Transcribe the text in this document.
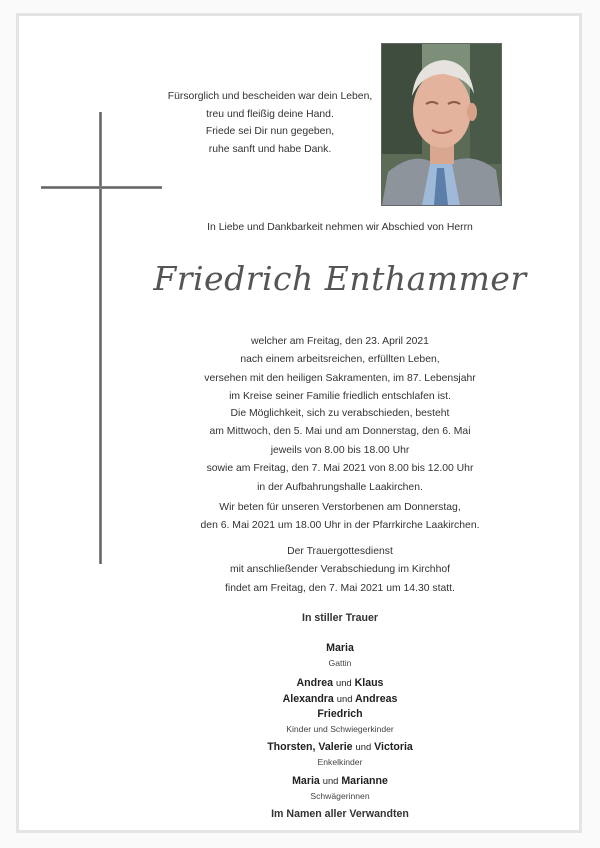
Fürsorglich und bescheiden war dein Leben,
treu und fleißig deine Hand.
Friede sei Dir nun gegeben,
ruhe sanft und habe Dank.
In Liebe und Dankbarkeit nehmen wir Abschied von Herrn
Friedrich Enthammer
welcher am Freitag, den 23. April 2021
nach einem arbeitsreichen, erfüllten Leben,
versehen mit den heiligen Sakramenten, im 87. Lebensjahr
im Kreise seiner Familie friedlich entschlafen ist.
Die Möglichkeit, sich zu verabschieden, besteht
am Mittwoch, den 5. Mai und am Donnerstag, den 6. Mai
jeweils von 8.00 bis 18.00 Uhr
sowie am Freitag, den 7. Mai 2021 von 8.00 bis 12.00 Uhr
in der Aufbahrungshalle Laakirchen.
Wir beten für unseren Verstorbenen am Donnerstag,
den 6. Mai 2021 um 18.00 Uhr in der Pfarrkirche Laakirchen.
Der Trauergottesdienst
mit anschließender Verabschiedung im Kirchhof
findet am Freitag, den 7. Mai 2021 um 14.30 statt.
In stiller Trauer
Maria
Gattin
Andrea und Klaus
Alexandra und Andreas
Friedrich
Kinder und Schwiegerkinder
Thorsten, Valerie und Victoria
Enkelkinder
Maria und Marianne
Schwägerinnen
Im Namen aller Verwandten
